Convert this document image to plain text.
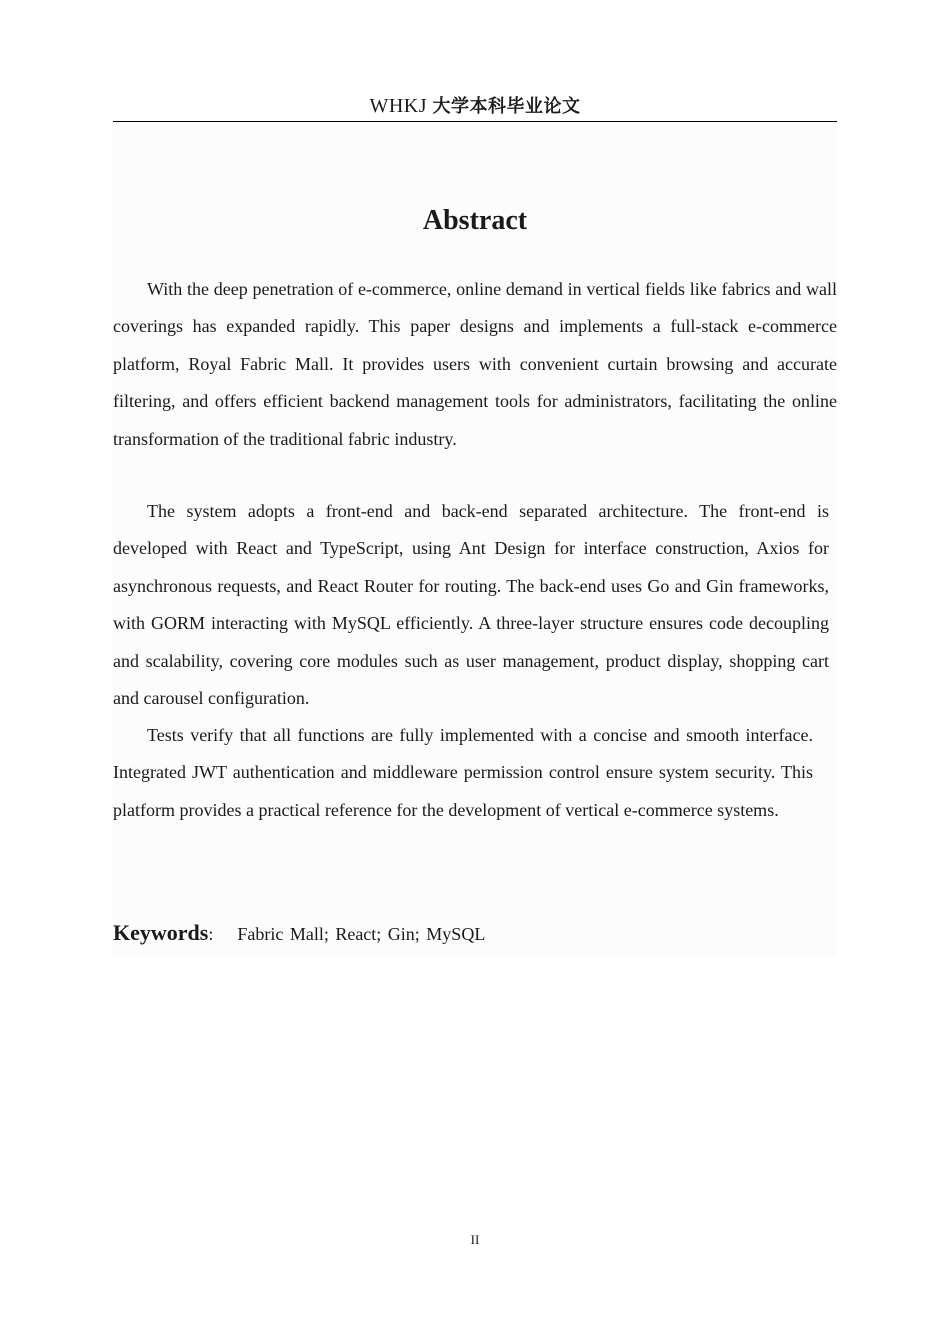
WHKJ 大学本科毕业论文
Abstract

With the deep penetration of e-commerce, online demand in vertical fields like fabrics and wall coverings has expanded rapidly. This paper designs and implements a full-stack e-commerce platform, Royal Fabric Mall. It provides users with convenient curtain browsing and accurate filtering, and offers efficient backend management tools for administrators, facilitating the online transformation of the traditional fabric industry.

The system adopts a front-end and back-end separated architecture. The front-end is developed with React and TypeScript, using Ant Design for interface construction, Axios for asynchronous requests, and React Router for routing. The back-end uses Go and Gin frameworks, with GORM interacting with MySQL efficiently. A three-layer structure ensures code decoupling and scalability, covering core modules such as user management, product display, shopping cart and carousel configuration.

Tests verify that all functions are fully implemented with a concise and smooth interface. Integrated JWT authentication and middleware permission control ensure system security. This platform provides a practical reference for the development of vertical e-commerce systems.

Keywords: Fabric Mall; React; Gin; MySQL
II
